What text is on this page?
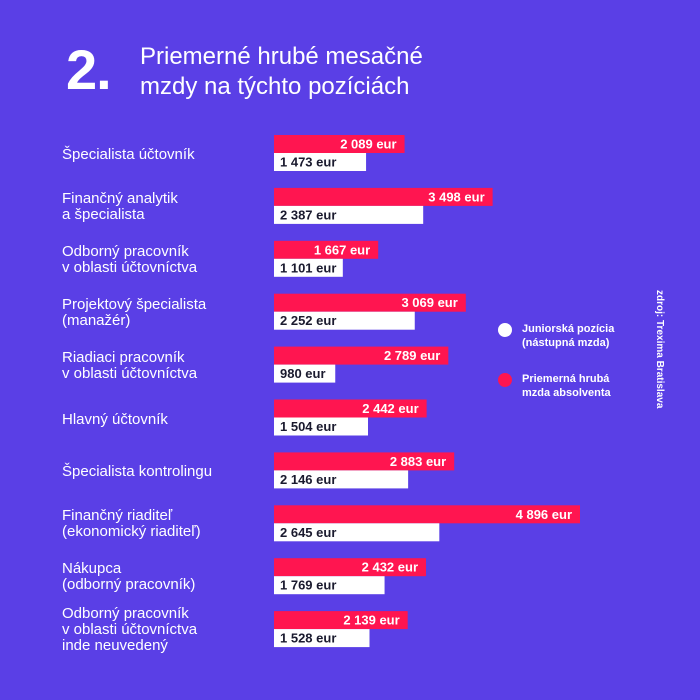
2. Priemerné hrubé mesačné
mzdy na týchto pozíciách
Špecialista účtovník
Finančný analytik
a špecialista
Odborný pracovník
v oblasti účtovníctva
Projektový špecialista
(manažér)
Riadiaci pracovník
v oblasti účtovníctva
Hlavný účtovník
Špecialista kontrolingu
Finančný riaditeľ
(ekonomický riaditeľ)
Nákupca
(odborný pracovník)
Odborný pracovník
v oblasti účtovníctva
inde neuvedený
2 089 eur
1 473 eur
3 498 eur
2 387 eur
1 667 eur
1 101 eur
3 069 eur
2 252 eur
2 789 eur
980 eur
2 442 eur
1 504 eur
2 883 eur
2 146 eur
4 896 eur
2 645 eur
2 432 eur
1 769 eur
2 139 eur
1 528 eur
Juniorská pozícia
(nástupná mzda)
Priemerná hrubá
mzda absolventa	zdroj: Trexima Bratislava
